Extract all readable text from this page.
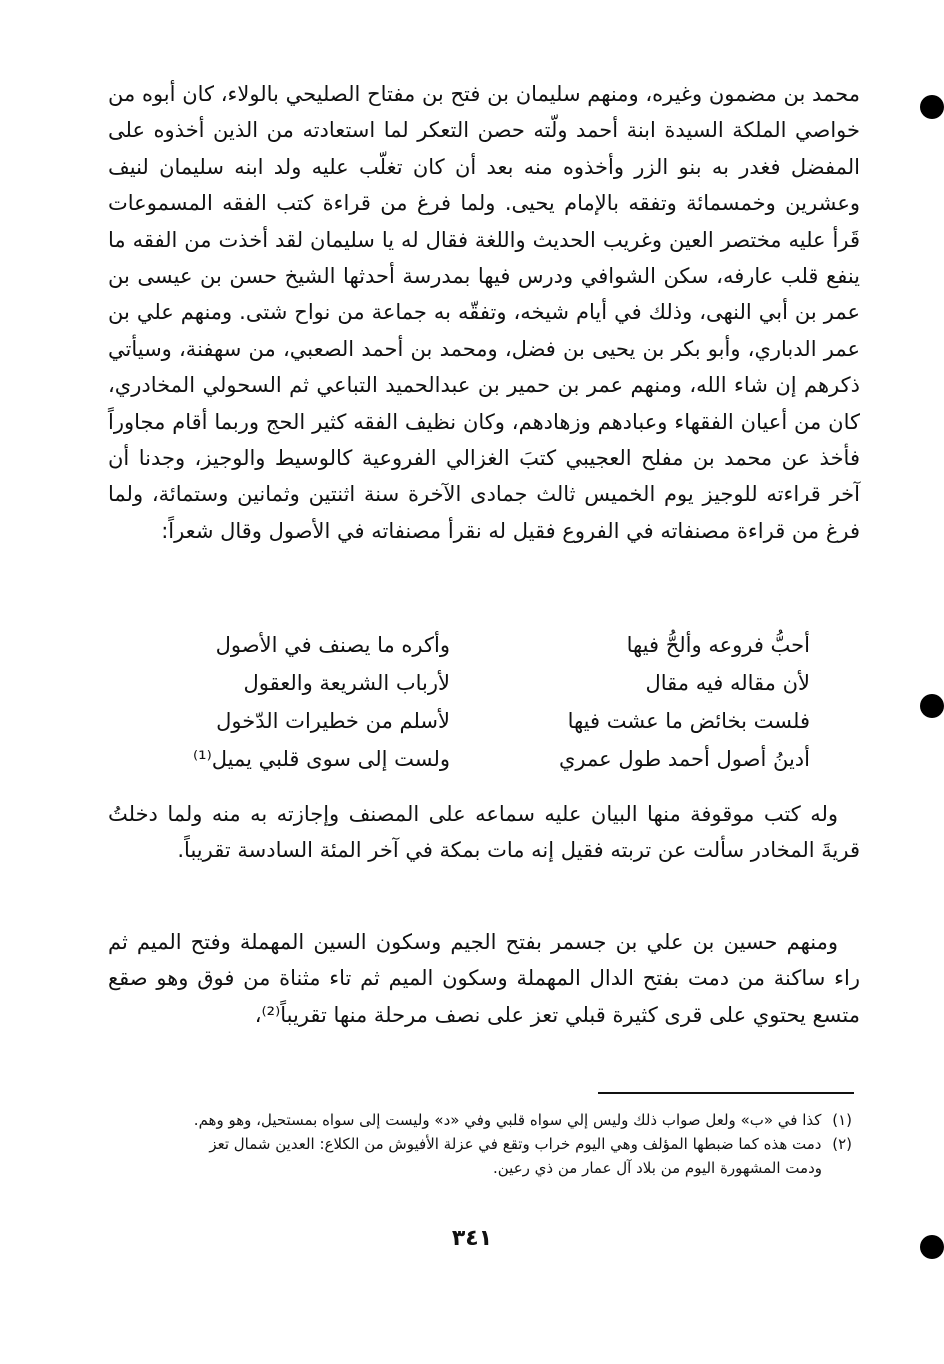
محمد بن مضمون وغيره، ومنهم سليمان بن فتح بن مفتاح الصليحي بالولاء، كان أبوه من خواصي الملكة السيدة ابنة أحمد ولّته حصن التعكر لما استعادته من الذين أخذوه على المفضل فغدر به بنو الزر وأخذوه منه بعد أن كان تغلّب عليه ولد ابنه سليمان لنيف وعشرين وخمسمائة وتفقه بالإمام يحيى. ولما فرغ من قراءة كتب الفقه المسموعات قَرأ عليه مختصر العين وغريب الحديث واللغة فقال له يا سليمان لقد أخذت من الفقه ما ينفع قلب عارفه، سكن الشوافي ودرس فيها بمدرسة أحدثها الشيخ حسن بن عيسى بن عمر بن أبي النهى، وذلك في أيام شيخه، وتفقّه به جماعة من نواح شتى. ومنهم علي بن عمر الدباري، وأبو بكر بن يحيى بن فضل، ومحمد بن أحمد الصعبي، من سهفنة، وسيأتي ذكرهم إن شاء الله، ومنهم عمر بن حمير بن عبدالحميد التباعي ثم السحولي المخادري، كان من أعيان الفقهاء وعبادهم وزهادهم، وكان نظيف الفقه كثير الحج وربما أقام مجاوراً فأخذ عن محمد بن مفلح العجيبي كتبَ الغزالي الفروعية كالوسيط والوجيز، وجدنا أن آخر قراءته للوجيز يوم الخميس ثالث جمادى الآخرة سنة اثنتين وثمانين وستمائة، ولما فرغ من قراءة مصنفاته في الفروع فقيل له نقرأ مصنفاته في الأصول وقال شعراً:

أحبُّ فروعه وألحُّ فيها
وأكره ما يصنف في الأصول
لأن مقاله فيه مقال
لأرباب الشريعة والعقول
فلست بخائض ما عشت فيها
لأسلم من خطيرات الدّخول
أدينُ أصول أحمد طول عمري
ولست إلى سوى قلبي يميل⁽¹⁾

وله كتب موقوفة منها البيان عليه سماعه على المصنف وإجازته به منه ولما دخلتُ قريةَ المخادر سألت عن تربته فقيل إنه مات بمكة في آخر المئة السادسة تقريباً.

ومنهم حسين بن علي بن جسمر بفتح الجيم وسكون السين المهملة وفتح الميم ثم راء ساكنة من دمت بفتح الدال المهملة وسكون الميم ثم تاء مثناة من فوق وهو صقع متسع يحتوي على قرى كثيرة قبلي تعز على نصف مرحلة منها تقريباً⁽²⁾،

(١) كذا في «ب» ولعل صواب ذلك وليس إلي سواه قلبي وفي «د» وليست إلى سواه بمستحيل، وهو وهم.

(٢) دمت هذه كما ضبطها المؤلف وهي اليوم خراب وتقع في عزلة الأفيوش من الكلاع: العدين شمال تعز
ودمت المشهورة اليوم من بلاد آل عمار من ذي رعين.

٣٤١
